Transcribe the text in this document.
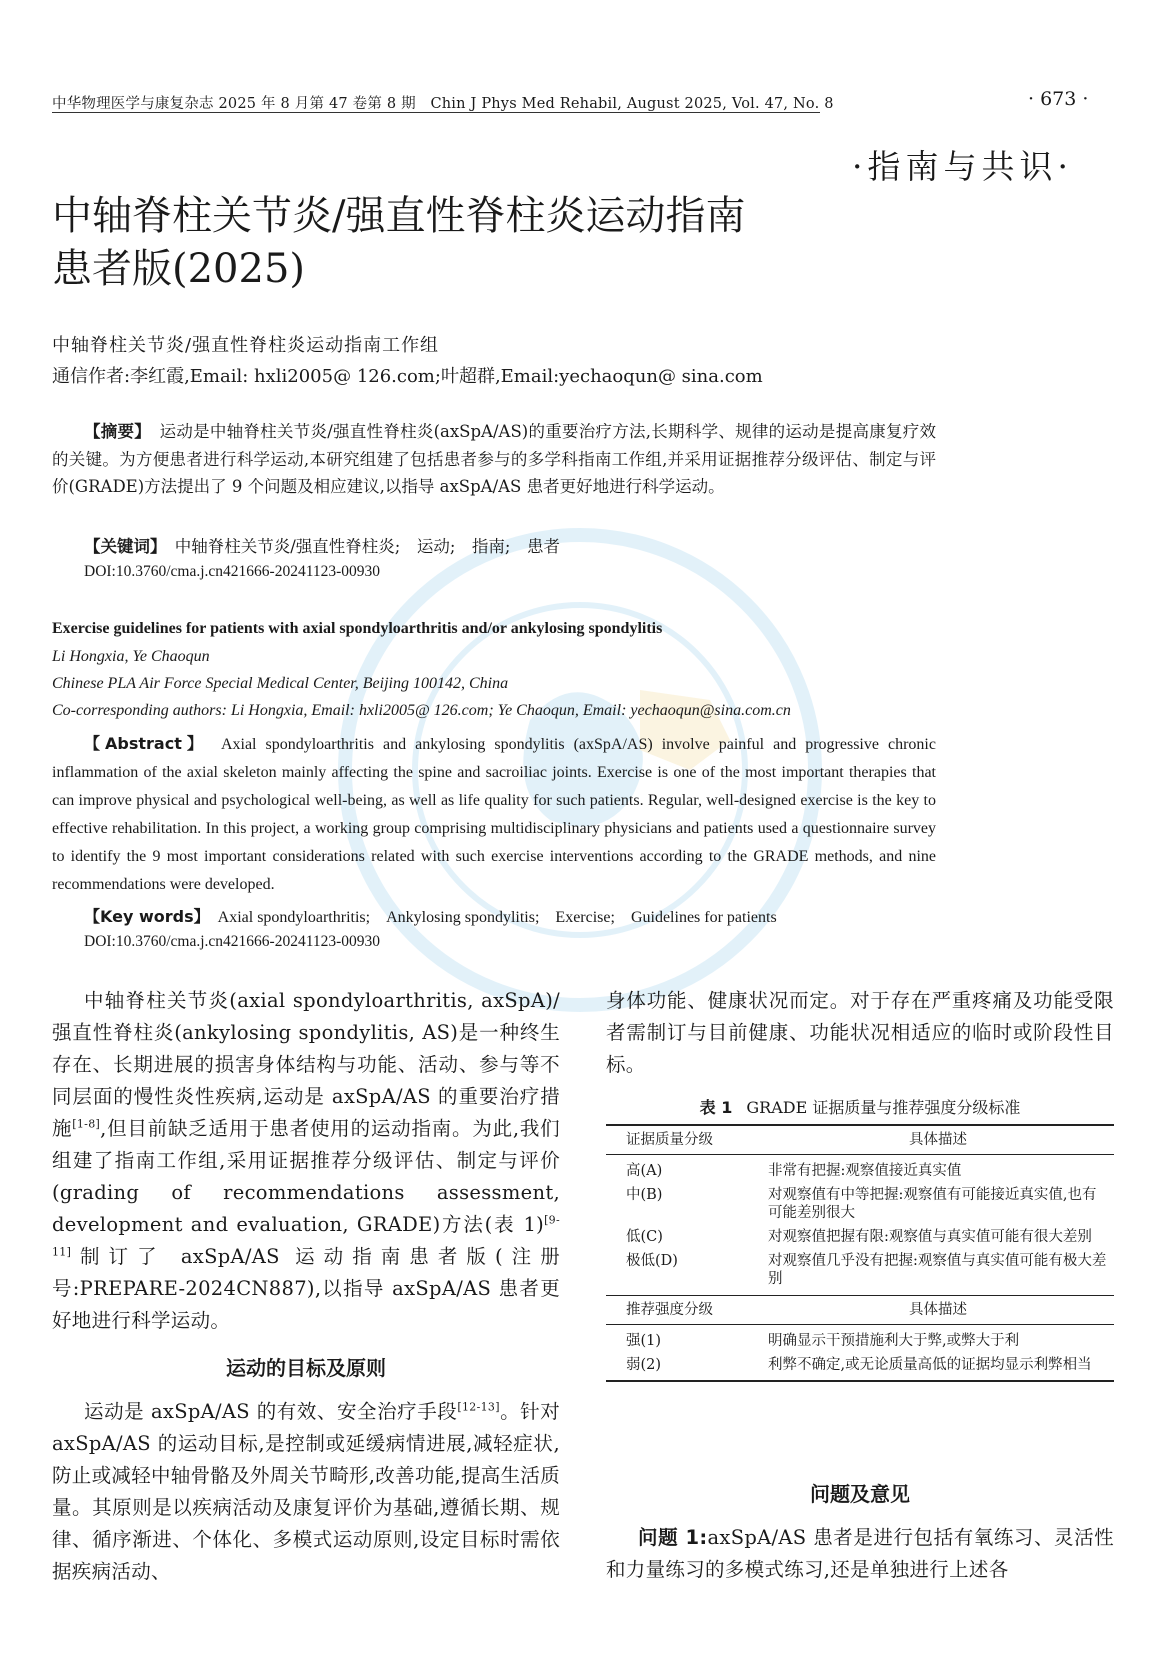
中华物理医学与康复杂志 2025 年 8 月第 47 卷第 8 期　Chin J Phys Med Rehabil, August 2025, Vol. 47, No. 8	· 673 ·
·指南与共识·
中轴脊柱关节炎/强直性脊柱炎运动指南
患者版(2025)
中轴脊柱关节炎/强直性脊柱炎运动指南工作组
通信作者:李红霞,Email: hxli2005@ 126.com;叶超群,Email:yechaoqun@ sina.com
【摘要】　 运动是中轴脊柱关节炎/强直性脊柱炎(axSpA/AS)的重要治疗方法,长期科学、规律的运动是提高康复疗效的关键。为方便患者进行科学运动,本研究组建了包括患者参与的多学科指南工作组,并采用证据推荐分级评估、制定与评价(GRADE)方法提出了 9 个问题及相应建议,以指导 axSpA/AS 患者更好地进行科学运动。
【关键词】　 中轴脊柱关节炎/强直性脊柱炎;　运动;　指南;　患者
DOI:10.3760/cma.j.cn421666-20241123-00930
Exercise guidelines for patients with axial spondyloarthritis and/or ankylosing spondylitis
Li Hongxia, Ye Chaoqun
Chinese PLA Air Force Special Medical Center, Beijing 100142, China
Co-corresponding authors: Li Hongxia, Email: hxli2005@ 126.com; Ye Chaoqun, Email: yechaoqun@sina.com.cn
【Abstract】　 Axial spondyloarthritis and ankylosing spondylitis (axSpA/AS) involve painful and progressive chronic inflammation of the axial skeleton mainly affecting the spine and sacroiliac joints. Exercise is one of the most important therapies that can improve physical and psychological well-being, as well as life quality for such patients. Regular, well-designed exercise is the key to effective rehabilitation. In this project, a working group comprising multidisciplinary physicians and patients used a questionnaire survey to identify the 9 most important considerations related with such exercise interventions according to the GRADE methods, and nine recommendations were developed.
【Key words】　 Axial spondyloarthritis;　Ankylosing spondylitis;　Exercise;　Guidelines for patients
DOI:10.3760/cma.j.cn421666-20241123-00930
中轴脊柱关节炎(axial spondyloarthritis, axSpA)/强直性脊柱炎(ankylosing spondylitis, AS)是一种终生存在、长期进展的损害身体结构与功能、活动、参与等不同层面的慢性炎性疾病,运动是 axSpA/AS 的重要治疗措施[1-8],但目前缺乏适用于患者使用的运动指南。为此,我们组建了指南工作组,采用证据推荐分级评估、制定与评价(grading of recommendations assessment, development and evaluation, GRADE)方法(表 1)[9-11]制订了 axSpA/AS 运动指南患者版(注册号:PREPARE-2024CN887),以指导 axSpA/AS 患者更好地进行科学运动。
运动的目标及原则
运动是 axSpA/AS 的有效、安全治疗手段[12-13]。针对 axSpA/AS 的运动目标,是控制或延缓病情进展,减轻症状,防止或减轻中轴骨骼及外周关节畸形,改善功能,提高生活质量。其原则是以疾病活动及康复评价为基础,遵循长期、规律、循序渐进、个体化、多模式运动原则,设定目标时需依据疾病活动、
身体功能、健康状况而定。对于存在严重疼痛及功能受限者需制订与目前健康、功能状况相适应的临时或阶段性目标。
表 1 GRADE 证据质量与推荐强度分级标准
证据质量分级	具体描述

高(A)	非常有把握:观察值接近真实值
中(B)	对观察值有中等把握:观察值有可能接近真实值,也有可能差别很大
低(C)	对观察值把握有限:观察值与真实值可能有很大差别
极低(D)	对观察值几乎没有把握:观察值与真实值可能有极大差别

推荐强度分级	具体描述

强(1)	明确显示干预措施利大于弊,或弊大于利
弱(2)	利弊不确定,或无论质量高低的证据均显示利弊相当
问题及意见
问题 1:axSpA/AS 患者是进行包括有氧练习、灵活性和力量练习的多模式练习,还是单独进行上述各
